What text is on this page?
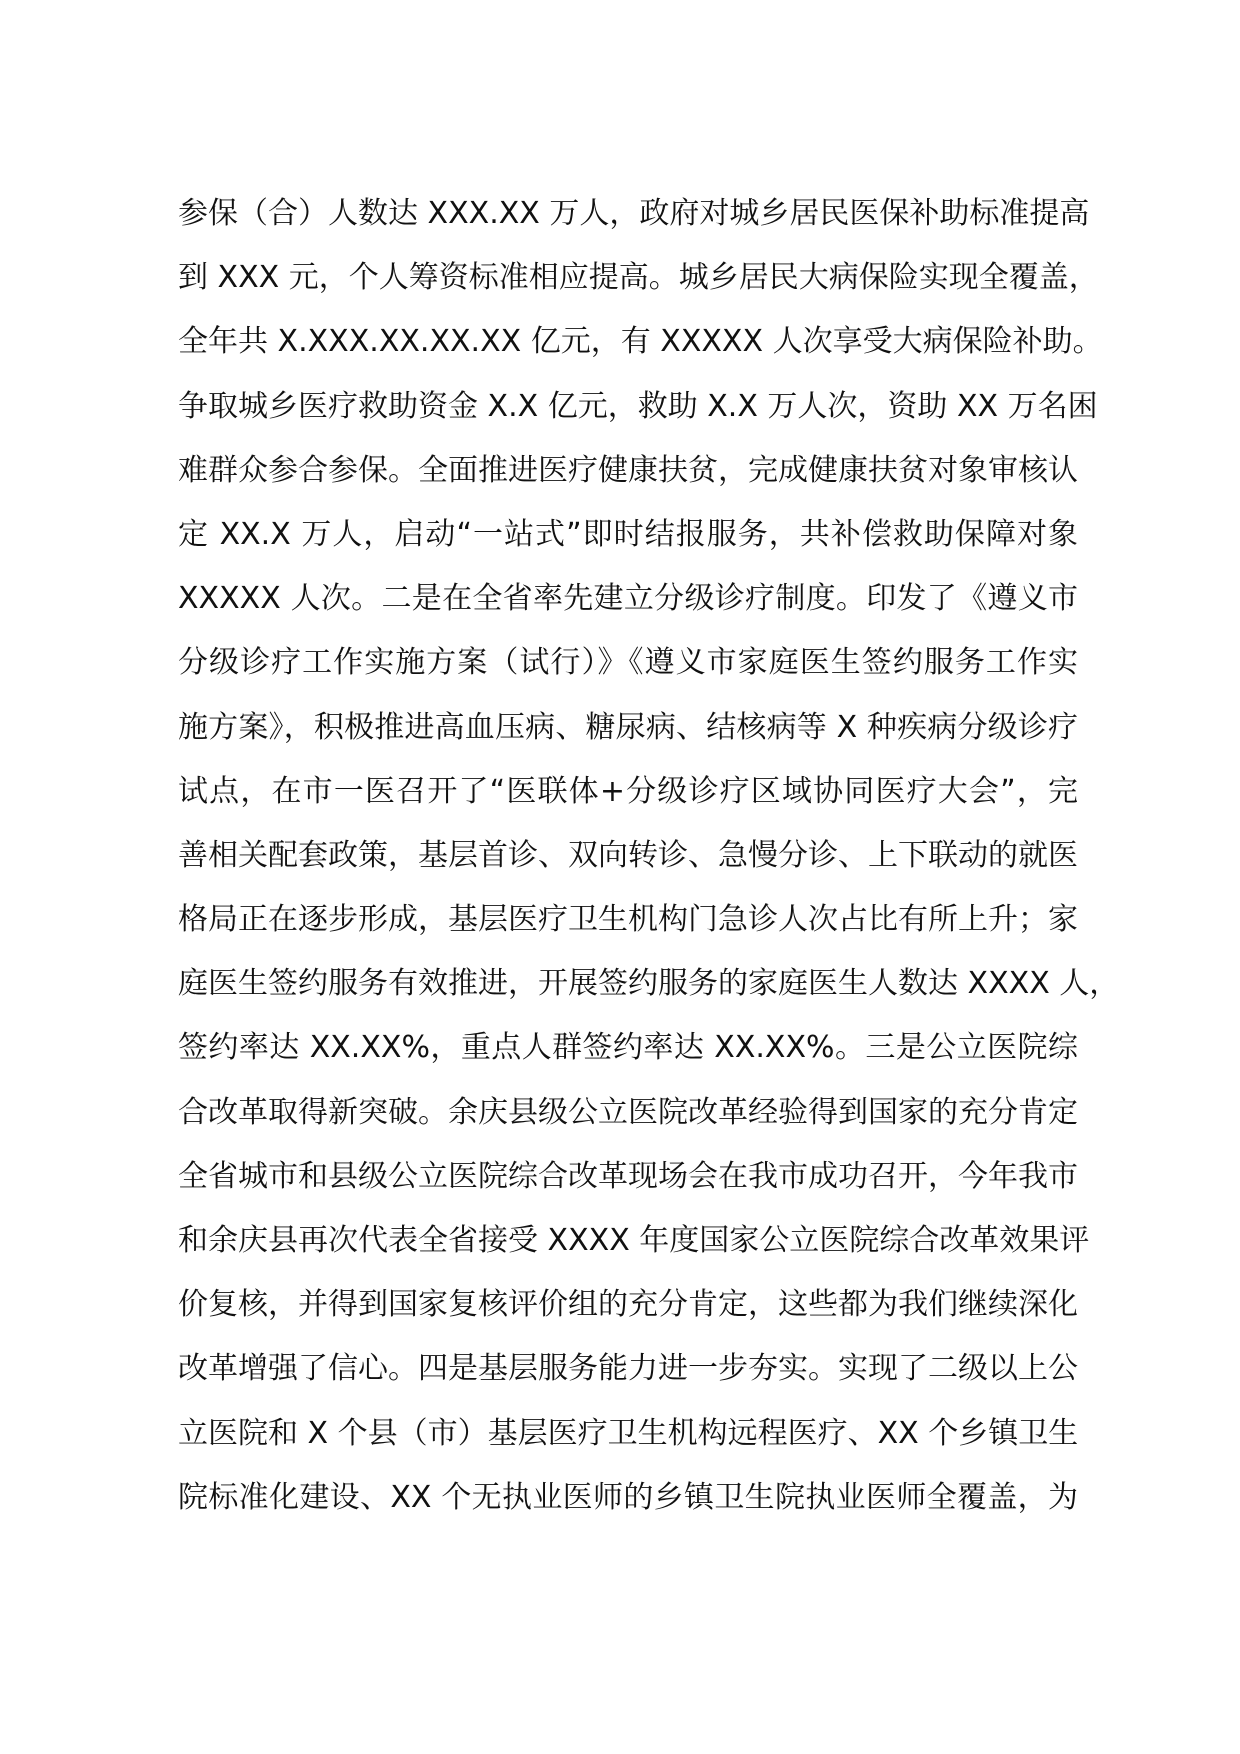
参保（合）人数达 XXX.XX 万人，政府对城乡居民医保补助标准提高
到 XXX 元，个人筹资标准相应提高。城乡居民大病保险实现全覆盖，
全年共 X.XXX.XX.XX.XX 亿元，有 XXXXX 人次享受大病保险补助。
争取城乡医疗救助资金 X.X 亿元，救助 X.X 万人次，资助 XX 万名困
难群众参合参保。全面推进医疗健康扶贫，完成健康扶贫对象审核认
定 XX.X 万人，启动“一站式”即时结报服务，共补偿救助保障对象
XXXXX 人次。二是在全省率先建立分级诊疗制度。印发了《遵义市
分级诊疗工作实施方案（试行）》《遵义市家庭医生签约服务工作实
施方案》，积极推进高血压病、糖尿病、结核病等 X 种疾病分级诊疗
试点，在市一医召开了“医联体+分级诊疗区域协同医疗大会”，完
善相关配套政策，基层首诊、双向转诊、急慢分诊、上下联动的就医
格局正在逐步形成，基层医疗卫生机构门急诊人次占比有所上升；家
庭医生签约服务有效推进，开展签约服务的家庭医生人数达 XXXX 人，
签约率达 XX.XX%，重点人群签约率达 XX.XX%。三是公立医院综
合改革取得新突破。余庆县级公立医院改革经验得到国家的充分肯定
全省城市和县级公立医院综合改革现场会在我市成功召开，今年我市
和余庆县再次代表全省接受 XXXX 年度国家公立医院综合改革效果评
价复核，并得到国家复核评价组的充分肯定，这些都为我们继续深化
改革增强了信心。四是基层服务能力进一步夯实。实现了二级以上公
立医院和 X 个县（市）基层医疗卫生机构远程医疗、XX 个乡镇卫生
院标准化建设、XX 个无执业医师的乡镇卫生院执业医师全覆盖，为
